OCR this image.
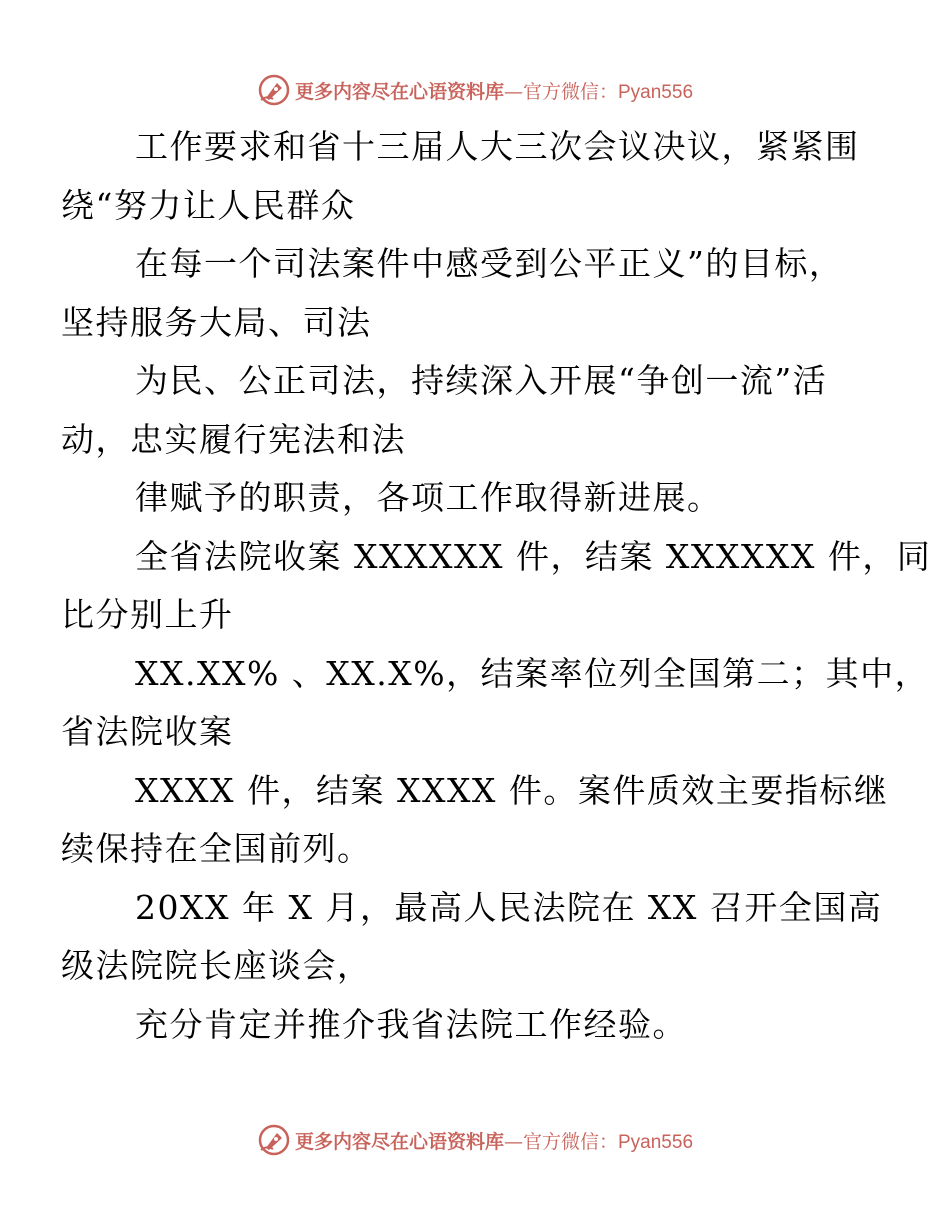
更多内容尽在心语资料库—官方微信：Pyan556

工作要求和省十三届人大三次会议决议，紧紧围
绕“努力让人民群众

在每一个司法案件中感受到公平正义”的目标，
坚持服务大局、司法

为民、公正司法，持续深入开展“争创一流”活
动，忠实履行宪法和法

律赋予的职责，各项工作取得新进展。

全省法院收案 XXXXXX 件，结案 XXXXXX 件，同
比分别上升

XX.XX% 、XX.X%，结案率位列全国第二；其中，
省法院收案

XXXX 件，结案 XXXX 件。案件质效主要指标继
续保持在全国前列。

20XX 年 X 月，最高人民法院在 XX 召开全国高
级法院院长座谈会，

充分肯定并推介我省法院工作经验。

更多内容尽在心语资料库—官方微信：Pyan556
